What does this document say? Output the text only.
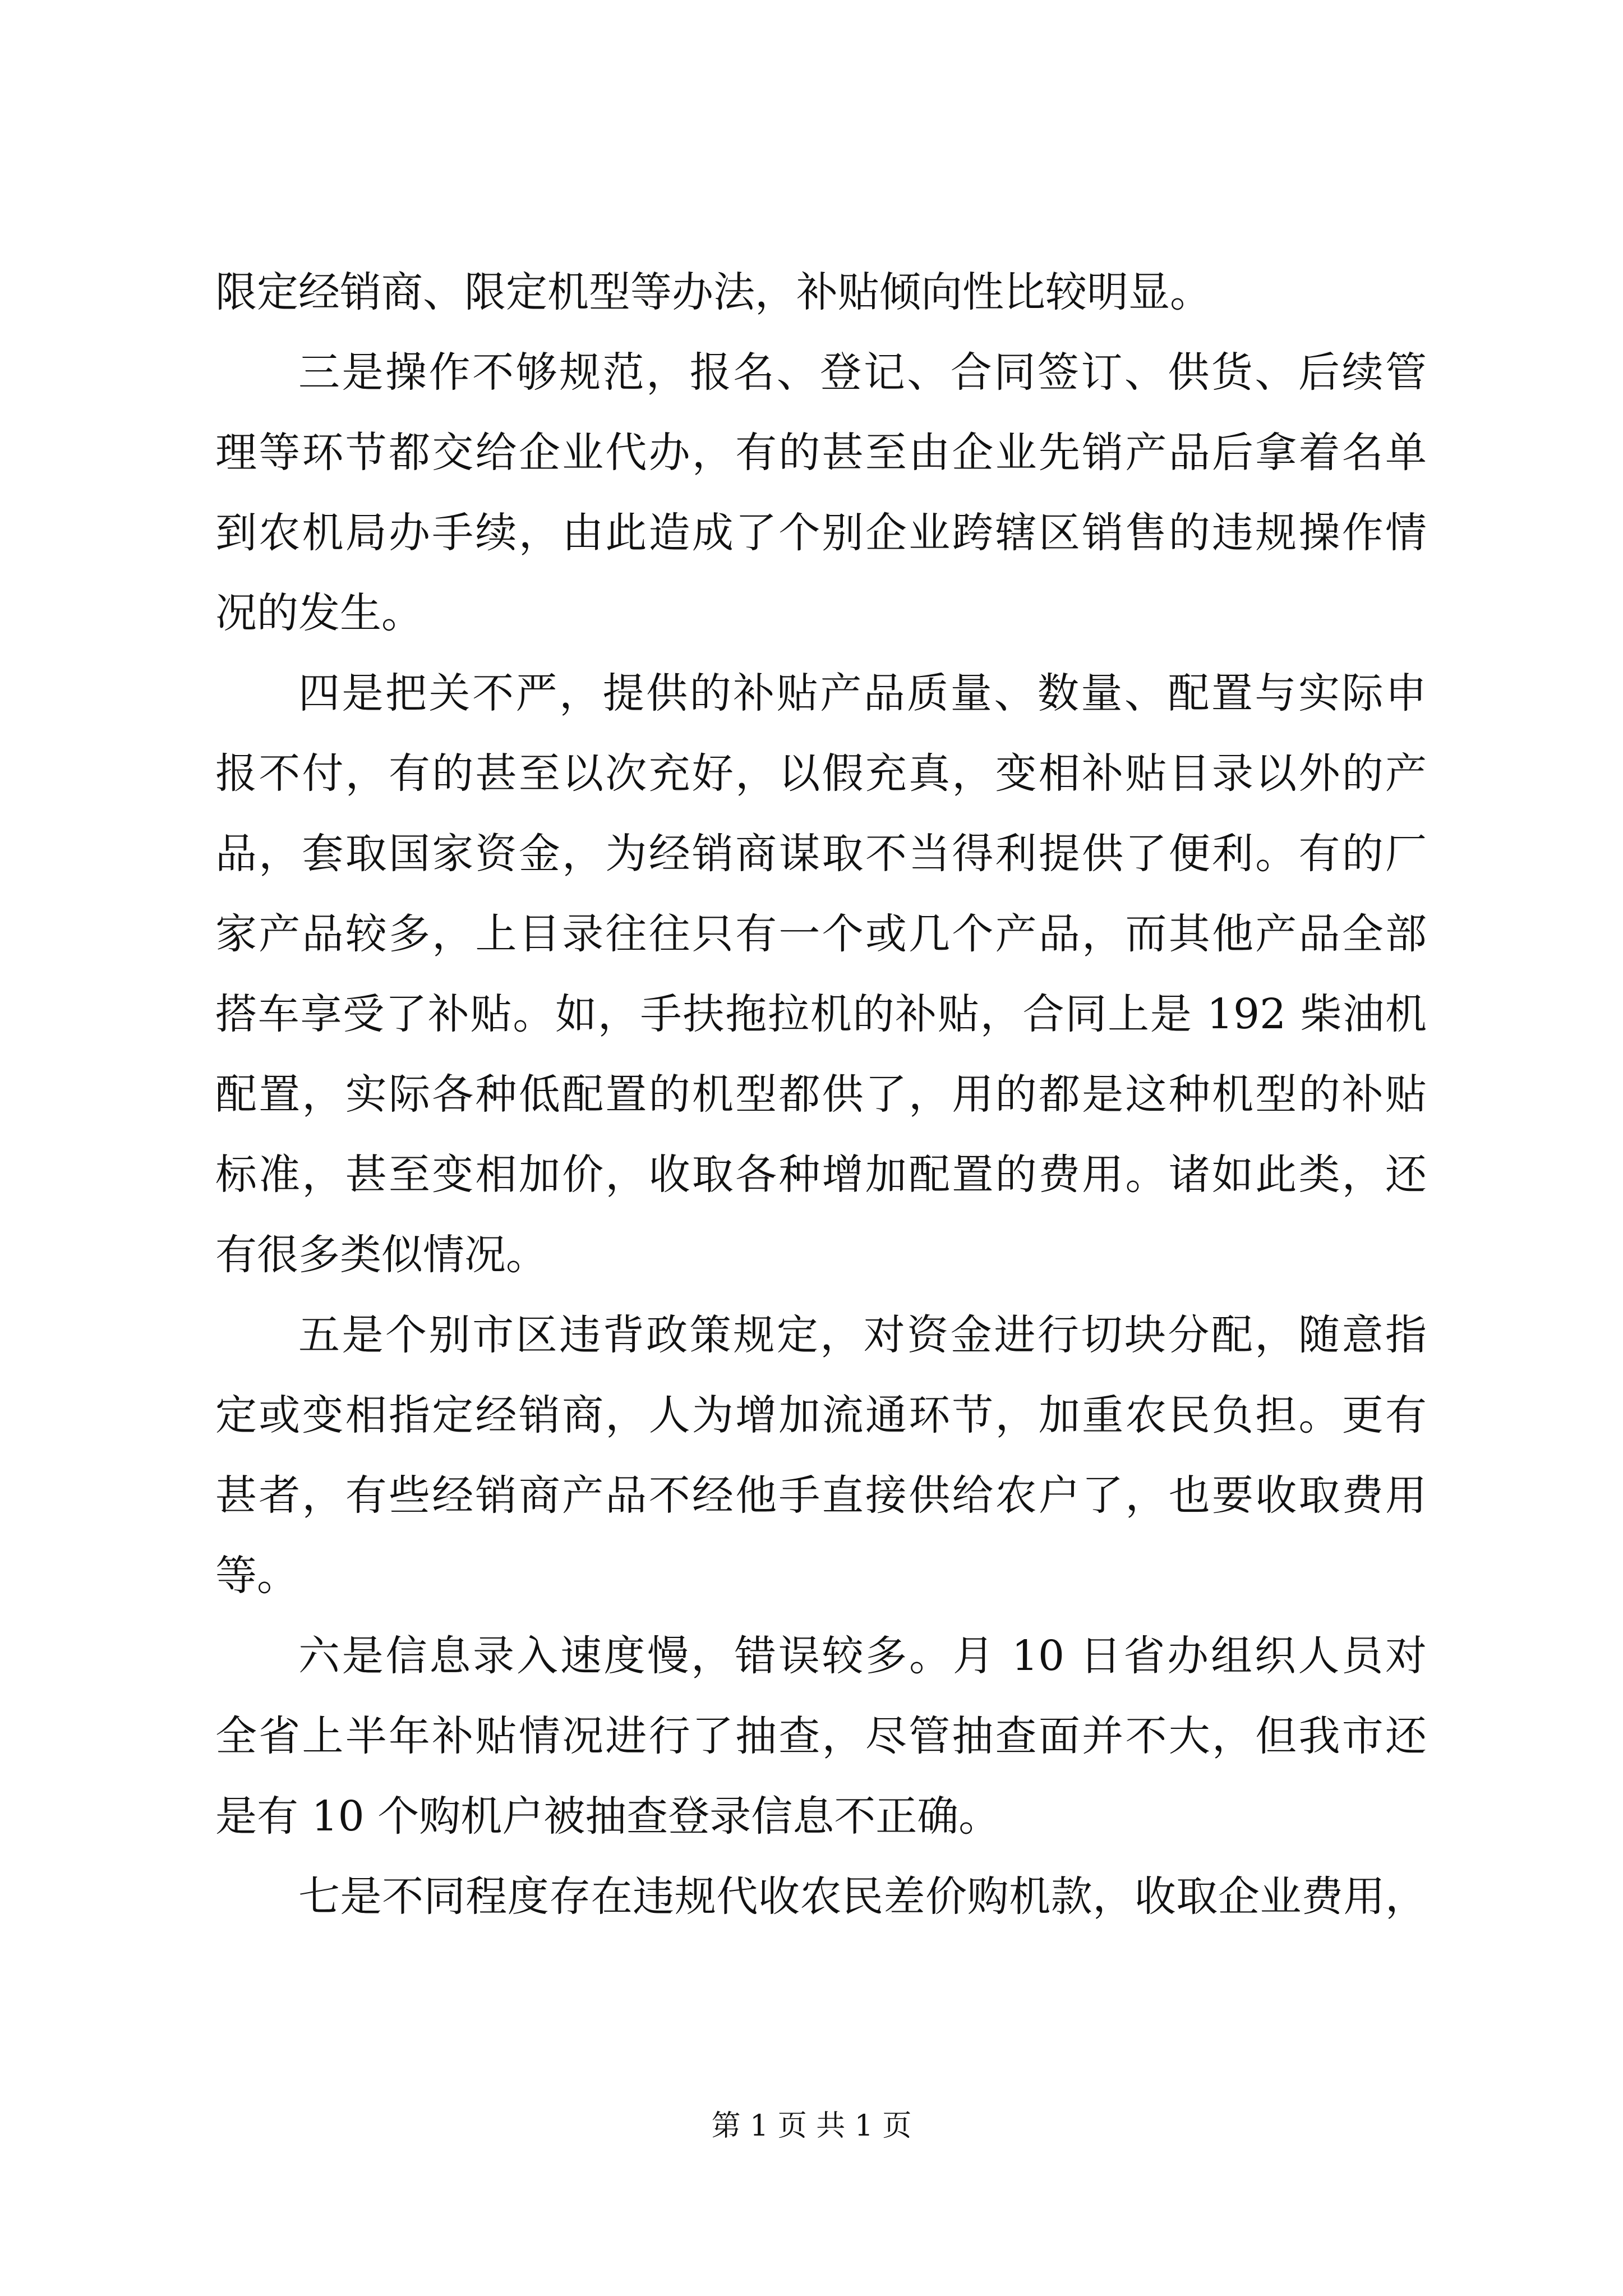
限定经销商、限定机型等办法，补贴倾向性比较明显。
三是操作不够规范，报名、登记、合同签订、供货、后续管
理等环节都交给企业代办，有的甚至由企业先销产品后拿着名单
到农机局办手续，由此造成了个别企业跨辖区销售的违规操作情
况的发生。
四是把关不严，提供的补贴产品质量、数量、配置与实际申
报不付，有的甚至以次充好，以假充真，变相补贴目录以外的产
品，套取国家资金，为经销商谋取不当得利提供了便利。有的厂
家产品较多，上目录往往只有一个或几个产品，而其他产品全部
搭车享受了补贴。如，手扶拖拉机的补贴，合同上是 192 柴油机
配置，实际各种低配置的机型都供了，用的都是这种机型的补贴
标准，甚至变相加价，收取各种增加配置的费用。诸如此类，还
有很多类似情况。
五是个别市区违背政策规定，对资金进行切块分配，随意指
定或变相指定经销商，人为增加流通环节，加重农民负担。更有
甚者，有些经销商产品不经他手直接供给农户了，也要收取费用
等。
六是信息录入速度慢，错误较多。月 10 日省办组织人员对
全省上半年补贴情况进行了抽查，尽管抽查面并不大，但我市还
是有 10 个购机户被抽查登录信息不正确。
七是不同程度存在违规代收农民差价购机款，收取企业费用，
第 1 页 共 1 页
